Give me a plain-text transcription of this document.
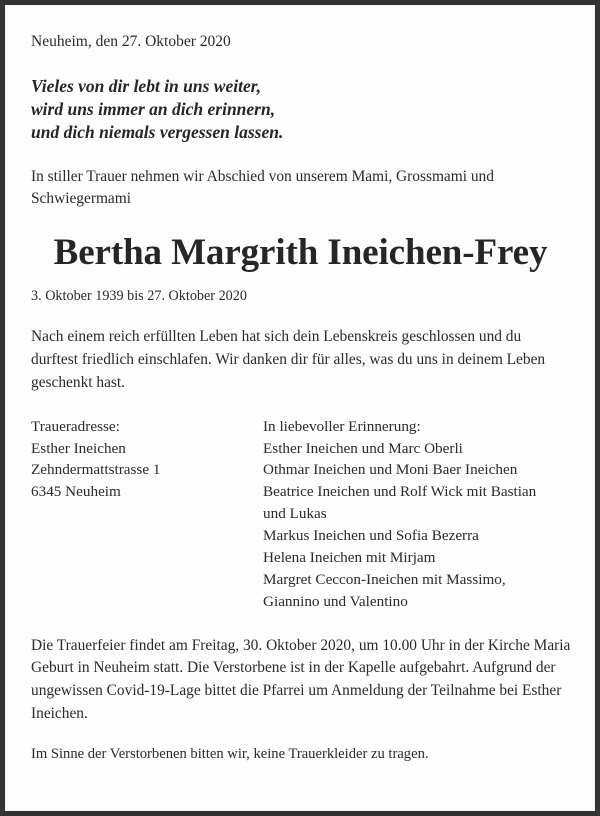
Neuheim, den 27. Oktober 2020
Vieles von dir lebt in uns weiter,
wird uns immer an dich erinnern,
und dich niemals vergessen lassen.
In stiller Trauer nehmen wir Abschied von unserem Mami, Grossmami und Schwiegermami
Bertha Margrith Ineichen-Frey
3. Oktober 1939 bis 27. Oktober 2020
Nach einem reich erfüllten Leben hat sich dein Lebenskreis geschlossen und du durftest friedlich einschlafen. Wir danken dir für alles, was du uns in deinem Leben geschenkt hast.
Traueradresse:
Esther Ineichen
Zehndermattstrasse 1
6345 Neuheim
In liebevoller Erinnerung:
Esther Ineichen und Marc Oberli
Othmar Ineichen und Moni Baer Ineichen
Beatrice Ineichen und Rolf Wick mit Bastian
und Lukas
Markus Ineichen und Sofia Bezerra
Helena Ineichen mit Mirjam
Margret Ceccon-Ineichen mit Massimo,
Giannino und Valentino
Die Trauerfeier findet am Freitag, 30. Oktober 2020, um 10.00 Uhr in der Kirche Maria Geburt in Neuheim statt. Die Verstorbene ist in der Kapelle aufgebahrt. Aufgrund der ungewissen Covid-19-Lage bittet die Pfarrei um Anmeldung der Teilnahme bei Esther Ineichen.
Im Sinne der Verstorbenen bitten wir, keine Trauerkleider zu tragen.
